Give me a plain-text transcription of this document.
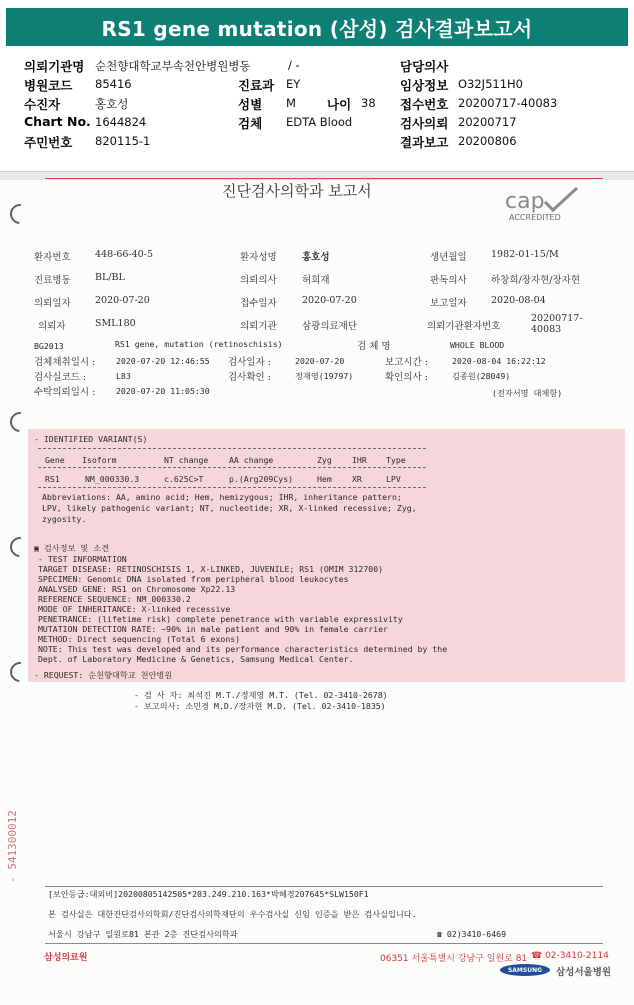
RS1 gene mutation (삼성) 검사결과보고서
의뢰기관명 순천향대학교부속천안병원병동	/ -	담당의사
병원코드 85416	진료과 EY	임상정보 O32J511H0
수진자	홍호성	성별 M 나이 38 접수번호 20200717-40083
Chart No. 1644824	검체 EDTA Blood	검사의뢰 20200717
주민번호 820115-1	결과보고 20200806
진단검사의학과 보고서	cap
ACCREDITED
환자번호	448-66-40-5	환자성명	홍호성	생년월일	1982-01-15/M
진료병동	BL/BL	의뢰의사	허희재	판독의사	하창희/장자현/장자현
의뢰일자	2020-07-20	접수일자	2020-07-20	보고일자	2020-08-04
의뢰자	SML180	의뢰기관	삼광의료재단	의뢰기관환자번호
20200717-
40083
BG2013	RS1 gene, mutation (retinoschisis)	검 체 명	WHOLE BLOOD
검체채취일시 :	2020-07-20 12:46:55 검사일자 :	2020-07-20	보고시간 :	2020-08-04 16:22:12
검사실코드 :	L83	검사확인 :	정재영(19797)	확인의사 :	김종원(28049)
수탁의뢰일시 :	2020-07-20 11:05:30	(전자서명 대체함)
- IDENTIFIED VARIANT(S)
Gene Isoform	NT change	AA change	Zyg IHR Type
RS1	NM_000330.3	c.625C>T	p.(Arg209Cys)	Hem XR	LPV
Abbreviations: AA, amino acid; Hem, hemizygous; IHR, inheritance pattern;
LPV, likely pathogenic variant; NT, nucleotide; XR, X-linked recessive; Zyg,
zygosity.
▣ 검사정보 및 소견
- TEST INFORMATION
TARGET DISEASE: RETINOSCHISIS 1, X-LINKED, JUVENILE; RS1 (OMIM 312700)
SPECIMEN: Genomic DNA isolated from peripheral blood leukocytes
ANALYSED GENE: RS1 on Chromosome Xp22.13
REFERENCE SEQUENCE: NM_000330.2
MODE OF INHERITANCE: X-linked recessive
PENETRANCE: (lifetime risk) complete penetrance with variable expressivity
MUTATION DETECTION RATE: ~90% in male patient and 90% in female carrier
METHOD: Direct sequencing (Total 6 exons)
NOTE: This test was developed and its performance characteristics determined by the
Dept. of Laboratory Medicine & Genetics, Samsung Medical Center.
- REQUEST: 순천향대학교 천안병원
- 검 사 자: 최석진 M.T./정재영 M.T. (Tel. 02-3410-2678)
- 보고의사: 소민경 M.D./장자현 M.D. (Tel. 02-3410-1835)
- 541300012
[보안등급:대외비]20200805142505*203.249.210.163*박혜경207645*SLW150F1
본 검사실은 대한진단검사의학회/진단검사의학재단의 우수검사실 신임 인증을 받은 검사실입니다.
서울시 강남구 일원로81 본관 2층 진단검사의학과	☎ 02)3410-6469
삼성의료원	06351 서울특별시 강남구 일원로 81 ☎ 02-3410-2114
SAMSUNG 삼성서울병원
